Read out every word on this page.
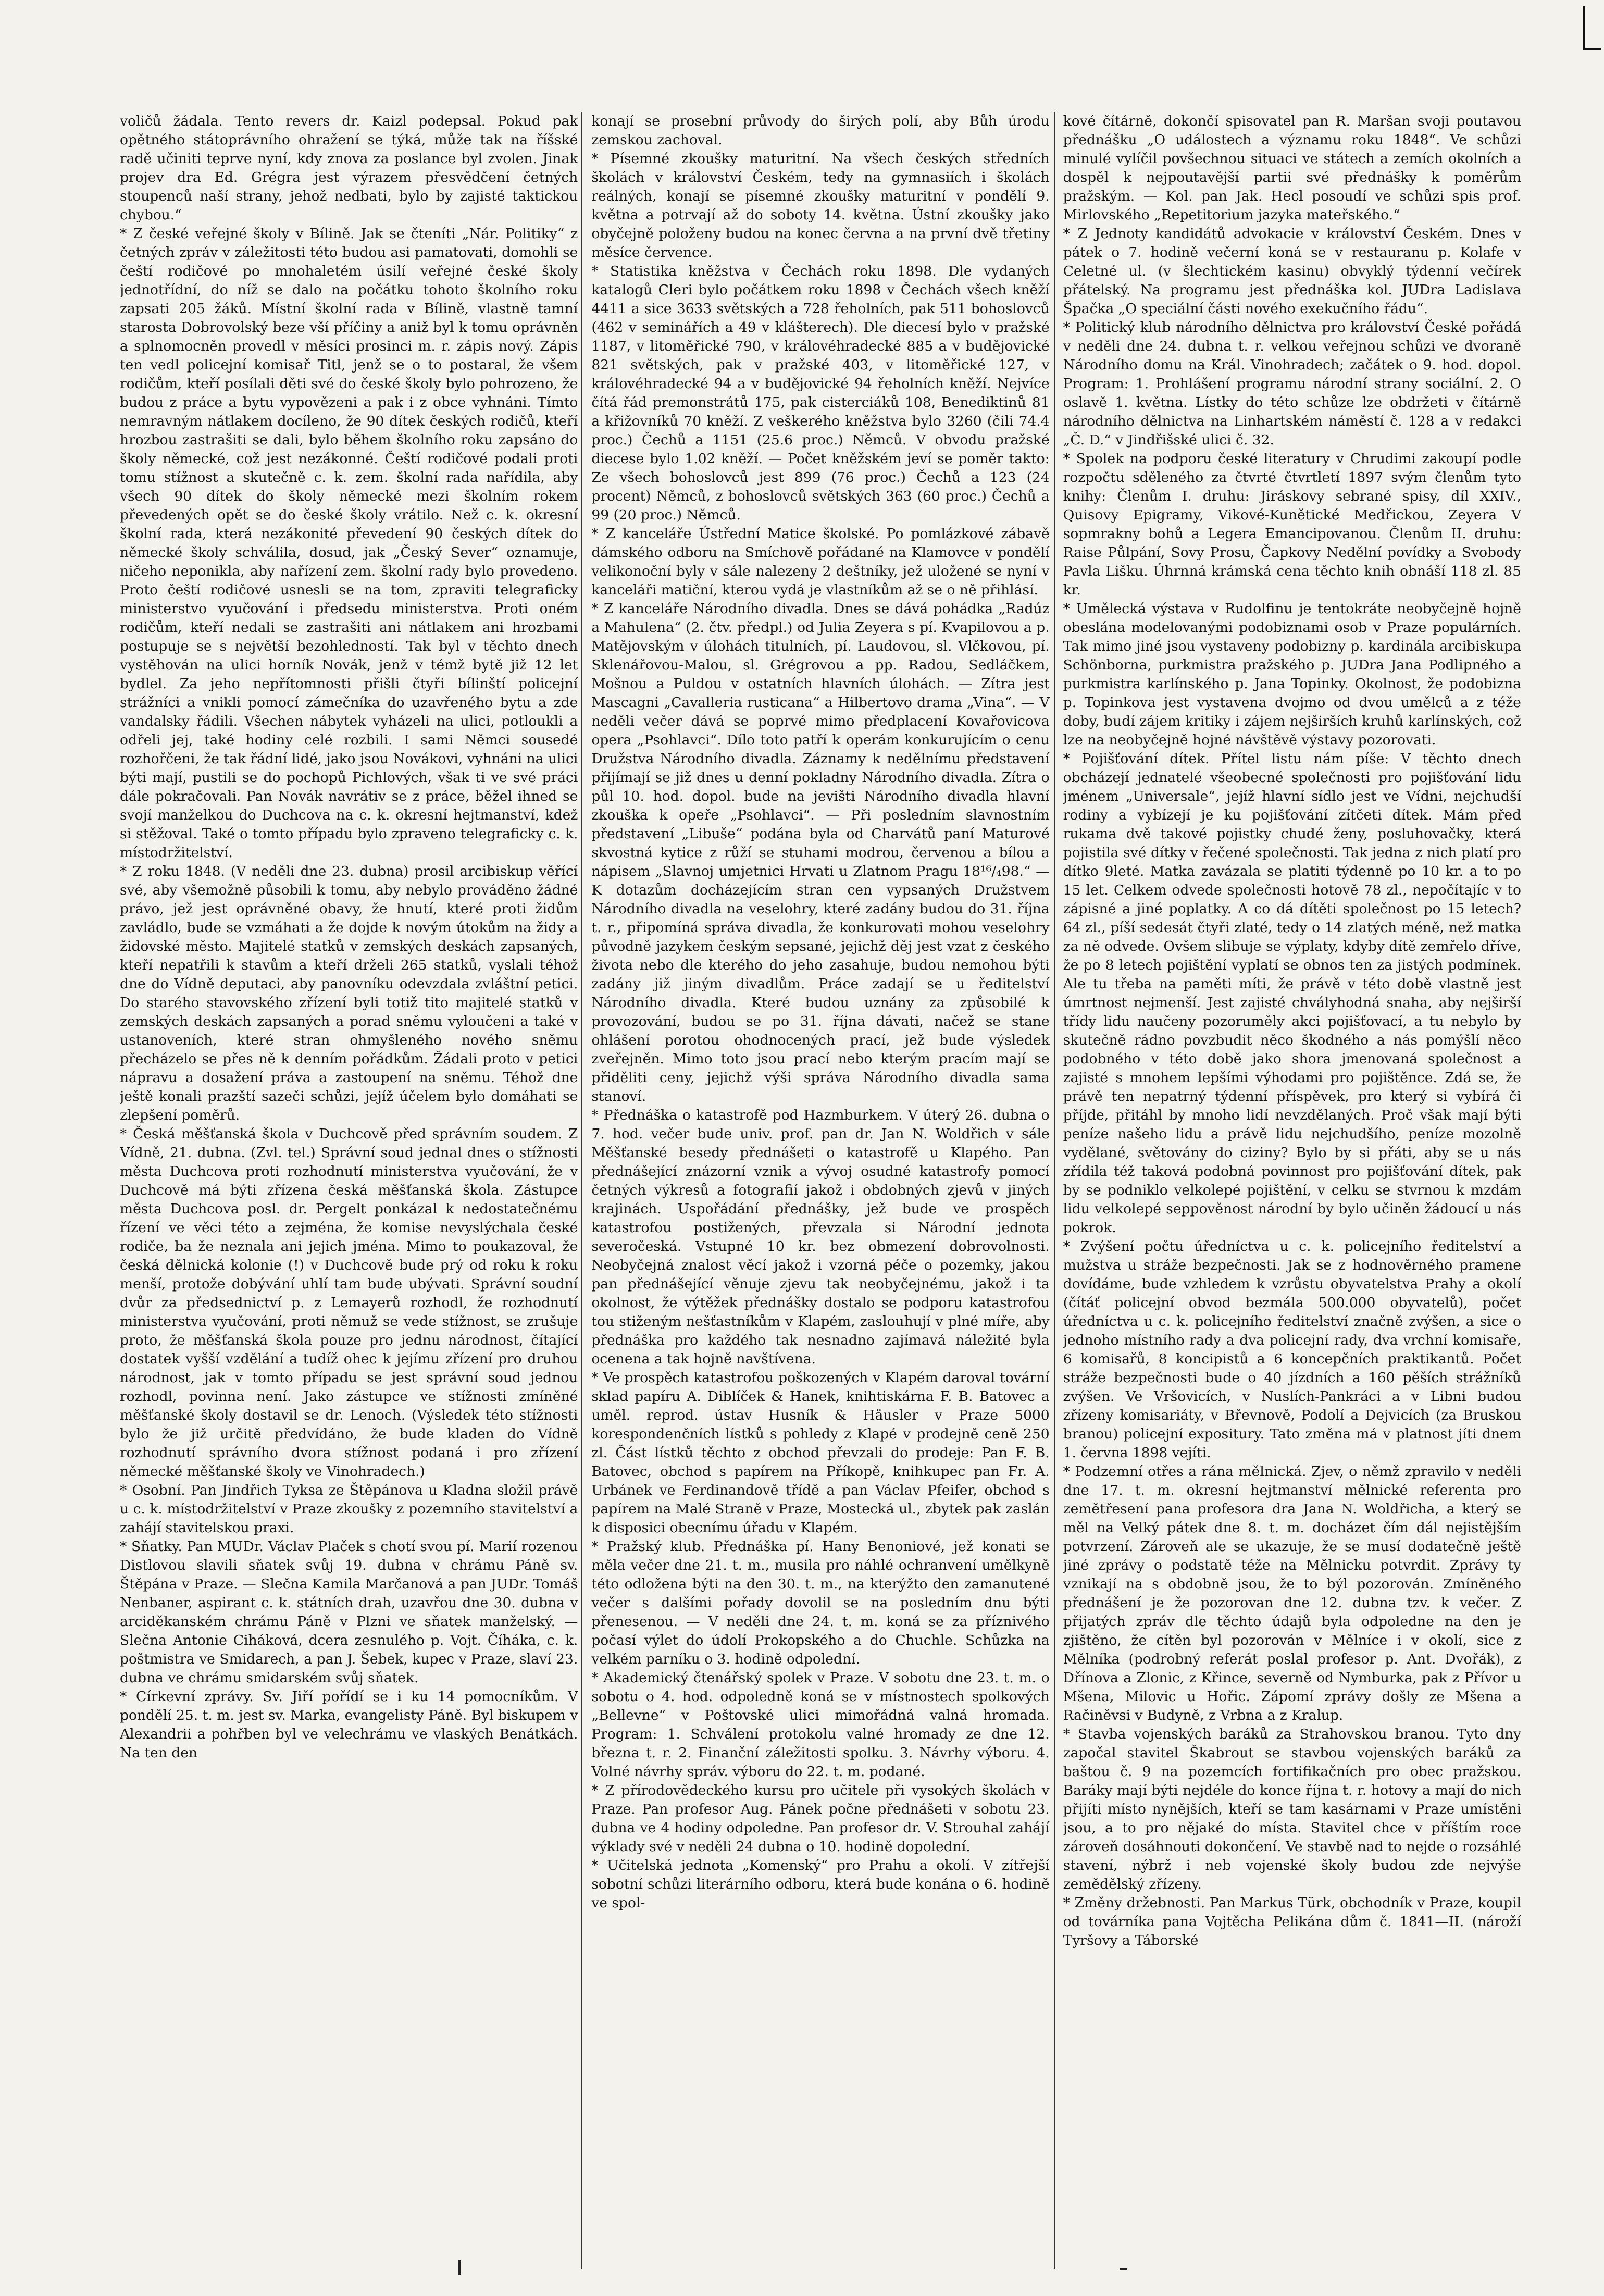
voličů žádala. Tento revers dr. Kaizl podepsal. Pokud pak opětného státoprávního ohražení se týká, může tak na říšské radě učiniti teprve nyní, kdy znova za poslance byl zvolen. Jinak projev dra Ed. Grégra jest výrazem přesvědčení četných stoupenců naší strany, jehož nedbati, bylo by zajisté taktickou chybou.“

* Z české veřejné školy v Bílině. Jak se čteníti „Nár. Politiky“ z četných zpráv v záležitosti této budou asi pamatovati, domohli se čeští rodičové po mnohaletém úsilí veřejné české školy jednotřídní, do níž se dalo na počátku tohoto školního roku zapsati 205 žáků. Místní školní rada v Bílině, vlastně tamní starosta Dobrovolský beze vší příčiny a aniž byl k tomu oprávněn a splnomocněn provedl v měsíci prosinci m. r. zápis nový. Zápis ten vedl policejní komisař Titl, jenž se o to postaral, že všem rodičům, kteří posílali děti své do české školy bylo pohrozeno, že budou z práce a bytu vypovězeni a pak i z obce vyhnáni. Tímto nemravným nátlakem docíleno, že 90 dítek českých rodičů, kteří hrozbou zastrašiti se dali, bylo během školního roku zapsáno do školy německé, což jest nezákonné. Čeští rodičové podali proti tomu stížnost a skutečně c. k. zem. školní rada nařídila, aby všech 90 dítek do školy německé mezi školním rokem převedených opět se do české školy vrátilo. Než c. k. okresní školní rada, která nezákonité převedení 90 českých dítek do německé školy schválila, dosud, jak „Český Sever“ oznamuje, ničeho neponikla, aby nařízení zem. školní rady bylo provedeno. Proto čeští rodičové usnesli se na tom, zpraviti telegraficky ministerstvo vyučování i předsedu ministerstva. Proti oném rodičům, kteří nedali se zastrašiti ani nátlakem ani hrozbami postupuje se s největší bezohledností. Tak byl v těchto dnech vystěhován na ulici horník Novák, jenž v témž bytě již 12 let bydlel. Za jeho nepřítomnosti přišli čtyři bílinští policejní strážníci a vnikli pomocí zámečníka do uzavřeného bytu a zde vandalsky řádili. Všechen nábytek vyházeli na ulici, potloukli a odřeli jej, také hodiny celé rozbili. I sami Němci sousedé rozhořčeni, že tak řádní lidé, jako jsou Novákovi, vyhnáni na ulici býti mají, pustili se do pochopů Pichlových, však ti ve své práci dále pokračovali. Pan Novák navrátiv se z práce, běžel ihned se svojí manželkou do Duchcova na c. k. okresní hejtmanství, kdež si stěžoval. Také o tomto případu bylo zpraveno telegraficky c. k. místodržitelství.

* Z roku 1848. (V neděli dne 23. dubna) prosil arcibiskup věřící své, aby všemožně působili k tomu, aby nebylo prováděno žádné právo, jež jest oprávněné obavy, že hnutí, které proti židům zavládlo, bude se vzmáhati a že dojde k novým útokům na židy a židovské město. Majitelé statků v zemských deskách zapsaných, kteří nepatřili k stavům a kteří drželi 265 statků, vyslali téhož dne do Vídně deputaci, aby panovníku odevzdala zvláštní petici. Do starého stavovského zřízení byli totiž tito majitelé statků v zemských deskách zapsaných a porad sněmu vyloučeni a také v ustanoveních, které stran ohmyšleného nového sněmu přecházelo se přes ně k denním pořádkům. Žádali proto v petici nápravu a dosažení práva a zastoupení na sněmu. Téhož dne ještě konali prazští sazeči schůzi, jejíž účelem bylo domáhati se zlepšení poměrů.

* Česká měšťanská škola v Duchcově před správním soudem. Z Vídně, 21. dubna. (Zvl. tel.) Správní soud jednal dnes o stížnosti města Duchcova proti rozhodnutí ministerstva vyučování, že v Duchcově má býti zřízena česká měšťanská škola. Zástupce města Duchcova posl. dr. Pergelt ponkázal k nedostatečnému řízení ve věci této a zejména, že komise nevyslýchala české rodiče, ba že neznala ani jejich jména. Mimo to poukazoval, že česká dělnická kolonie (!) v Duchcově bude prý od roku k roku menší, protože dobývání uhlí tam bude ubývati. Správní soudní dvůr za předsednictví p. z Lemayerů rozhodl, že rozhodnutí ministerstva vyučování, proti němuž se vede stížnost, se zrušuje proto, že měšťanská škola pouze pro jednu národnost, čítající dostatek vyšší vzdělání a tudíž ohec k jejímu zřízení pro druhou národnost, jak v tomto případu se jest správní soud jednou rozhodl, povinna není. Jako zástupce ve stížnosti zmíněné měšťanské školy dostavil se dr. Lenoch. (Výsledek této stížnosti bylo že již určitě předvídáno, že bude kladen do Vídně rozhodnutí správního dvora stížnost podaná i pro zřízení německé měšťanské školy ve Vinohradech.)

* Osobní. Pan Jindřich Tyksa ze Štěpánova u Kladna složil právě u c. k. místodržitelství v Praze zkoušky z pozemního stavitelství a zahájí stavitelskou praxi.

* Sňatky. Pan MUDr. Václav Plaček s chotí svou pí. Marií rozenou Distlovou slavili sňatek svůj 19. dubna v chrámu Páně sv. Štěpána v Praze. — Slečna Kamila Marčanová a pan JUDr. Tomáš Nenbaner, aspirant c. k. státních drah, uzavřou dne 30. dubna v arciděkanském chrámu Páně v Plzni ve sňatek manželský. — Slečna Antonie Ciháková, dcera zesnulého p. Vojt. Číháka, c. k. poštmistra ve Smidarech, a pan J. Šebek, kupec v Praze, slaví 23. dubna ve chrámu smidarském svůj sňatek.

* Církevní zprávy. Sv. Jiří pořídí se i ku 14 pomocníkům. V pondělí 25. t. m. jest sv. Marka, evangelisty Páně. Byl biskupem v Alexandrii a pohřben byl ve velechrámu ve vlaských Benátkách. Na ten den

konají se prosební průvody do širých polí, aby Bůh úrodu zemskou zachoval.

* Písemné zkoušky maturitní. Na všech českých středních školách v království Českém, tedy na gymnasiích i školách reálných, konají se písemné zkoušky maturitní v pondělí 9. května a potrvají až do soboty 14. května. Ústní zkoušky jako obyčejně položeny budou na konec června a na první dvě třetiny měsíce července.

* Statistika kněžstva v Čechách roku 1898. Dle vydaných katalogů Cleri bylo počátkem roku 1898 v Čechách všech kněží 4411 a sice 3633 světských a 728 řeholních, pak 511 bohoslovců (462 v seminářích a 49 v klášterech). Dle diecesí bylo v pražské 1187, v litoměřické 790, v královéhradecké 885 a v budějovické 821 světských, pak v pražské 403, v litoměřické 127, v královéhradecké 94 a v budějovické 94 řeholních kněží. Nejvíce čítá řád premonstrátů 175, pak cisterciáků 108, Benediktinů 81 a křižovníků 70 kněží. Z veškerého kněžstva bylo 3260 (čili 74.4 proc.) Čechů a 1151 (25.6 proc.) Němců. V obvodu pražské diecese bylo 1.02 kněží. — Počet kněžském jeví se poměr takto: Ze všech bohoslovců jest 899 (76 proc.) Čechů a 123 (24 procent) Němců, z bohoslovců světských 363 (60 proc.) Čechů a 99 (20 proc.) Němců.

* Z kanceláře Ústřední Matice školské. Po pomlázkové zábavě dámského odboru na Smíchově pořádané na Klamovce v pondělí velikonoční byly v sále nalezeny 2 deštníky, jež uložené se nyní v kanceláři matiční, kterou vydá je vlastníkům až se o ně přihlásí.

* Z kanceláře Národního divadla. Dnes se dává pohádka „Radúz a Mahulena“ (2. čtv. předpl.) od Julia Zeyera s pí. Kvapilovou a p. Matějovským v úlohách titulních, pí. Laudovou, sl. Vlčkovou, pí. Sklenářovou-Malou, sl. Grégrovou a pp. Radou, Sedláčkem, Mošnou a Puldou v ostatních hlavních úlohách. — Zítra jest Mascagni „Cavalleria rusticana“ a Hilbertovo drama „Vina“. — V neděli večer dává se poprvé mimo předplacení Kovařovicova opera „Psohlavci“. Dílo toto patří k operám konkurujícím o cenu Družstva Národního divadla. Záznamy k nedělnímu představení přijímají se již dnes u denní pokladny Národního divadla. Zítra o půl 10. hod. dopol. bude na jevišti Národního divadla hlavní zkouška k opeře „Psohlavci“. — Při posledním slavnostním představení „Libuše“ podána byla od Charvátů paní Maturové skvostná kytice z růží se stuhami modrou, červenou a bílou a nápisem „Slavnoj umjetnici Hrvati u Zlatnom Pragu 18¹⁶/₄98.“ — K dotazům docházejícím stran cen vypsaných Družstvem Národního divadla na veselohry, které zadány budou do 31. října t. r., připomíná správa divadla, že konkurovati mohou veselohry původně jazykem českým sepsané, jejichž děj jest vzat z českého života nebo dle kterého do jeho zasahuje, budou nemohou býti zadány již jiným divadlům. Práce zadají se u ředitelství Národního divadla. Které budou uznány za způsobilé k provozování, budou se po 31. října dávati, načež se stane ohlášení porotou ohodnocených prací, jež bude výsledek zveřejněn. Mimo toto jsou prací nebo kterým pracím mají se přiděliti ceny, jejichž výši správa Národního divadla sama stanoví.

* Přednáška o katastrofě pod Hazmburkem. V úterý 26. dubna o 7. hod. večer bude univ. prof. pan dr. Jan N. Woldřich v sále Měšťanské besedy přednášeti o katastrofě u Klapého. Pan přednášející znázorní vznik a vývoj osudné katastrofy pomocí četných výkresů a fotografií jakož i obdobných zjevů v jiných krajinách. Uspořádání přednášky, jež bude ve prospěch katastrofou postižených, převzala si Národní jednota severočeská. Vstupné 10 kr. bez obmezení dobrovolnosti. Neobyčejná znalost věcí jakož i vzorná péče o pozemky, jakou pan přednášející věnuje zjevu tak neobyčejnému, jakož i ta okolnost, že výtěžek přednášky dostalo se podporu katastrofou tou stiženým nešťastníkům v Klapém, zaslouhují v plné míře, aby přednáška pro každého tak nesnadno zajímavá náležité byla ocenena a tak hojně navštívena.

* Ve prospěch katastrofou poškozených v Klapém daroval tovární sklad papíru A. Diblíček & Hanek, knihtiskárna F. B. Batovec a uměl. reprod. ústav Husník & Häusler v Praze 5000 korespondenčních lístků s pohledy z Klapé v prodejně ceně 250 zl. Část lístků těchto z obchod převzali do prodeje: Pan F. B. Batovec, obchod s papírem na Příkopě, knihkupec pan Fr. A. Urbánek ve Ferdinandově třídě a pan Václav Pfeifer, obchod s papírem na Malé Straně v Praze, Mostecká ul., zbytek pak zaslán k disposici obecnímu úřadu v Klapém.

* Pražský klub. Přednáška pí. Hany Benoniové, jež konati se měla večer dne 21. t. m., musila pro náhlé ochranvení umělkyně této odložena býti na den 30. t. m., na kterýžto den zamanutené večer s dalšími pořady dovolil se na posledním dnu býti přenesenou. — V neděli dne 24. t. m. koná se za příznivého počasí výlet do údolí Prokopského a do Chuchle. Schůzka na velkém parníku o 3. hodině odpolední.

* Akademický čtenářský spolek v Praze. V sobotu dne 23. t. m. o sobotu o 4. hod. odpoledně koná se v místnostech spolkových „Bellevne“ v Poštovské ulici mimořádná valná hromada. Program: 1. Schválení protokolu valné hromady ze dne 12. března t. r. 2. Finanční záležitosti spolku. 3. Návrhy výboru. 4. Volné návrhy správ. výboru do 22. t. m. podané.

* Z přírodovědeckého kursu pro učitele při vysokých školách v Praze. Pan profesor Aug. Pánek počne přednášeti v sobotu 23. dubna ve 4 hodiny odpoledne. Pan profesor dr. V. Strouhal zahájí výklady své v neděli 24 dubna o 10. hodině dopolední.

* Učitelská jednota „Komenský“ pro Prahu a okolí. V zítřejší sobotní schůzi literárního odboru, která bude konána o 6. hodině ve spol-

kové čítárně, dokončí spisovatel pan R. Maršan svoji poutavou přednášku „O událostech a významu roku 1848“. Ve schůzi minulé vylíčil povšechnou situaci ve státech a zemích okolních a dospěl k nejpoutavější partii své přednášky k poměrům pražským. — Kol. pan Jak. Hecl posoudí ve schůzi spis prof. Mirlovského „Repetitorium jazyka mateřského.“

* Z Jednoty kandidátů advokacie v království Českém. Dnes v pátek o 7. hodině večerní koná se v restauranu p. Kolafe v Celetné ul. (v šlechtickém kasinu) obvyklý týdenní večírek přátelský. Na programu jest přednáška kol. JUDra Ladislava Špačka „O speciální části nového exekučního řádu“.

* Politický klub národního dělnictva pro království České pořádá v neděli dne 24. dubna t. r. velkou veřejnou schůzi ve dvoraně Národního domu na Král. Vinohradech; začátek o 9. hod. dopol. Program: 1. Prohlášení programu národní strany sociální. 2. O oslavě 1. května. Lístky do této schůze lze obdržeti v čítárně národního dělnictva na Linhartském náměstí č. 128 a v redakci „Č. D.“ v Jindřišské ulici č. 32.

* Spolek na podporu české literatury v Chrudimi zakoupí podle rozpočtu sděleného za čtvrté čtvrtletí 1897 svým členům tyto knihy: Členům I. druhu: Jiráskovy sebrané spisy, díl XXIV., Quisovy Epigramy, Vikové-Kunětické Medřickou, Zeyera V sopmrakny bohů a Legera Emancipovanou. Členům II. druhu: Raise Půlpání, Sovy Prosu, Čapkovy Nedělní povídky a Svobody Pavla Lišku. Úhrnná krámská cena těchto knih obnáší 118 zl. 85 kr.

* Umělecká výstava v Rudolfinu je tentokráte neobyčejně hojně obeslána modelovanými podobiznami osob v Praze populárních. Tak mimo jiné jsou vystaveny podobizny p. kardinála arcibiskupa Schönborna, purkmistra pražského p. JUDra Jana Podlipného a purkmistra karlínského p. Jana Topinky. Okolnost, že podobizna p. Topinkova jest vystavena dvojmo od dvou umělců a z téže doby, budí zájem kritiky i zájem nejširších kruhů karlínských, což lze na neobyčejně hojné návštěvě výstavy pozorovati.

* Pojišťování dítek. Přítel listu nám píše: V těchto dnech obcházejí jednatelé všeobecné společnosti pro pojišťování lidu jménem „Universale“, jejíž hlavní sídlo jest ve Vídni, nejchudší rodiny a vybízejí je ku pojišťování zítčeti dítek. Mám před rukama dvě takové pojistky chudé ženy, posluhovačky, která pojistila své dítky v řečené společnosti. Tak jedna z nich platí pro dítko 9leté. Matka zavázala se platiti týdenně po 10 kr. a to po 15 let. Celkem odvede společnosti hotově 78 zl., nepočítajíc v to zápisné a jiné poplatky. A co dá dítěti společnost po 15 letech? 64 zl., píší sedesát čtyři zlaté, tedy o 14 zlatých méně, než matka za ně odvede. Ovšem slibuje se výplaty, kdyby dítě zemřelo dříve, že po 8 letech pojištění vyplatí se obnos ten za jistých podmínek. Ale tu třeba na paměti míti, že právě v této době vlastně jest úmrtnost nejmenší. Jest zajisté chvályhodná snaha, aby nejširší třídy lidu naučeny pozoruměly akci pojišťovací, a tu nebylo by skutečně rádno povzbudit něco škodného a nás pomýšlí něco podobného v této době jako shora jmenovaná společnost a zajisté s mnohem lepšími výhodami pro pojištěnce. Zdá se, že právě ten nepatrný týdenní příspěvek, pro který si vybírá či příjde, přitáhl by mnoho lidí nevzdělaných. Proč však mají býti peníze našeho lidu a právě lidu nejchudšího, peníze mozolně vydělané, světovány do ciziny? Bylo by si přáti, aby se u nás zřídila též taková podobná povinnost pro pojišťování dítek, pak by se podniklo velkolepé pojištění, v celku se stvrnou k mzdám lidu velkolepé seppověnost národní by bylo učiněn žádoucí u nás pokrok.

* Zvýšení počtu úředníctva u c. k. policejního ředitelství a mužstva u stráže bezpečnosti. Jak se z hodnověrného pramene dovídáme, bude vzhledem k vzrůstu obyvatelstva Prahy a okolí (čítáť policejní obvod bezmála 500.000 obyvatelů), počet úředníctva u c. k. policejního ředitelství značně zvýšen, a sice o jednoho místního rady a dva policejní rady, dva vrchní komisaře, 6 komisařů, 8 koncipistů a 6 koncepčních praktikantů. Počet stráže bezpečnosti bude o 40 jízdních a 160 pěších strážníků zvýšen. Ve Vršovicích, v Nuslích-Pankráci a v Libni budou zřízeny komisariáty, v Břevnově, Podolí a Dejvicích (za Bruskou branou) policejní expositury. Tato změna má v platnost jíti dnem 1. června 1898 vejíti.

* Podzemní otřes a rána mělnická. Zjev, o němž zpravilo v neděli dne 17. t. m. okresní hejtmanství mělnické referenta pro zemětřesení pana profesora dra Jana N. Woldřicha, a který se měl na Velký pátek dne 8. t. m. docházet čím dál nejistějším potvrzení. Zároveň ale se ukazuje, že se musí dodatečně ještě jiné zprávy o podstatě téže na Mělnicku potvrdit. Zprávy ty vznikají na s obdobně jsou, že to býl pozorován. Zmíněného přednášení je že pozorovan dne 12. dubna tzv. k večer. Z přijatých zpráv dle těchto údajů byla odpoledne na den je zjištěno, že cítěn byl pozorován v Mělníce i v okolí, sice z Mělníka (podrobný referát poslal profesor p. Ant. Dvořák), z Dřínova a Zlonic, z Křince, severně od Nymburka, pak z Přívor u Mšena, Milovic u Hořic. Zápomí zprávy došly ze Mšena a Račiněvsi v Budyně, z Vrbna a z Kralup.

* Stavba vojenských baráků za Strahovskou branou. Tyto dny započal stavitel Škabrout se stavbou vojenských baráků za baštou č. 9 na pozemcích fortifikačních pro obec pražskou. Baráky mají býti nejdéle do konce října t. r. hotovy a mají do nich přijíti místo nynějších, kteří se tam kasárnami v Praze umístěni jsou, a to pro nějaké do místa. Stavitel chce v příštím roce zároveň dosáhnouti dokončení. Ve stavbě nad to nejde o rozsáhlé stavení, nýbrž i neb vojenské školy budou zde nejvýše zemědělský zřízeny.

* Změny držebnosti. Pan Markus Türk, obchodník v Praze, koupil od továrníka pana Vojtěcha Pelikána dům č. 1841—II. (nároží Tyršovy a Táborské
